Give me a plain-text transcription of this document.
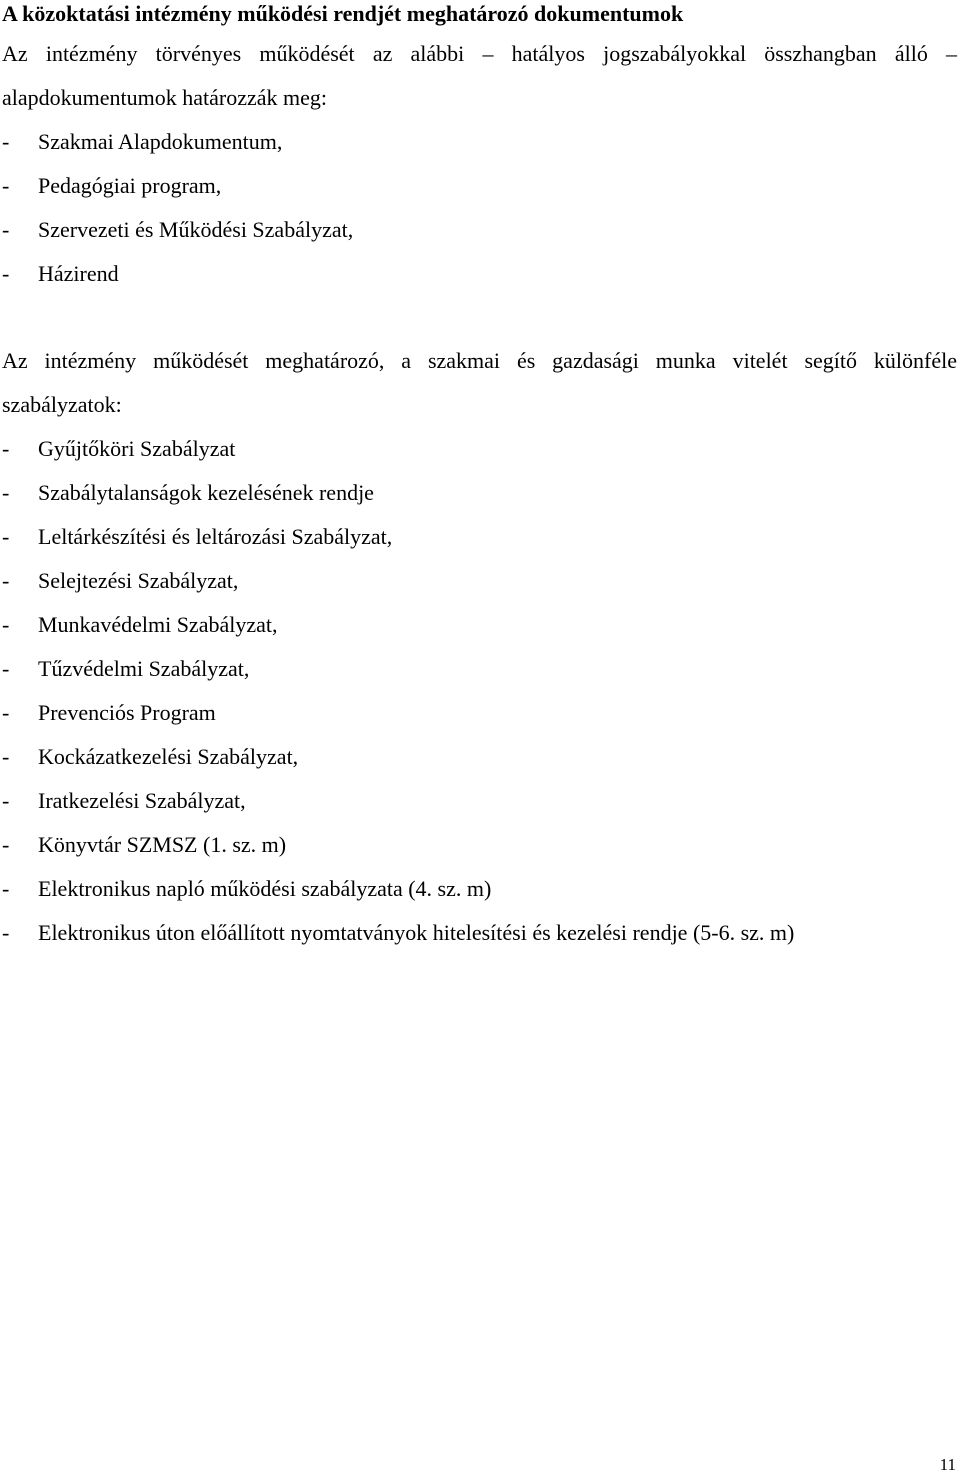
A közoktatási intézmény működési rendjét meghatározó dokumentumok
Az intézmény törvényes működését az alábbi – hatályos jogszabályokkal összhangban álló –
alapdokumentumok határozzák meg:
- Szakmai Alapdokumentum,
- Pedagógiai program,
- Szervezeti és Működési Szabályzat,
- Házirend
Az intézmény működését meghatározó, a szakmai és gazdasági munka vitelét segítő különféle
szabályzatok:
- Gyűjtőköri Szabályzat
- Szabálytalanságok kezelésének rendje
- Leltárkészítési és leltározási Szabályzat,
- Selejtezési Szabályzat,
- Munkavédelmi Szabályzat,
- Tűzvédelmi Szabályzat,
- Prevenciós Program
- Kockázatkezelési Szabályzat,
- Iratkezelési Szabályzat,
- Könyvtár SZMSZ (1. sz. m)
- Elektronikus napló működési szabályzata (4. sz. m)
- Elektronikus úton előállított nyomtatványok hitelesítési és kezelési rendje (5-6. sz. m)
11
